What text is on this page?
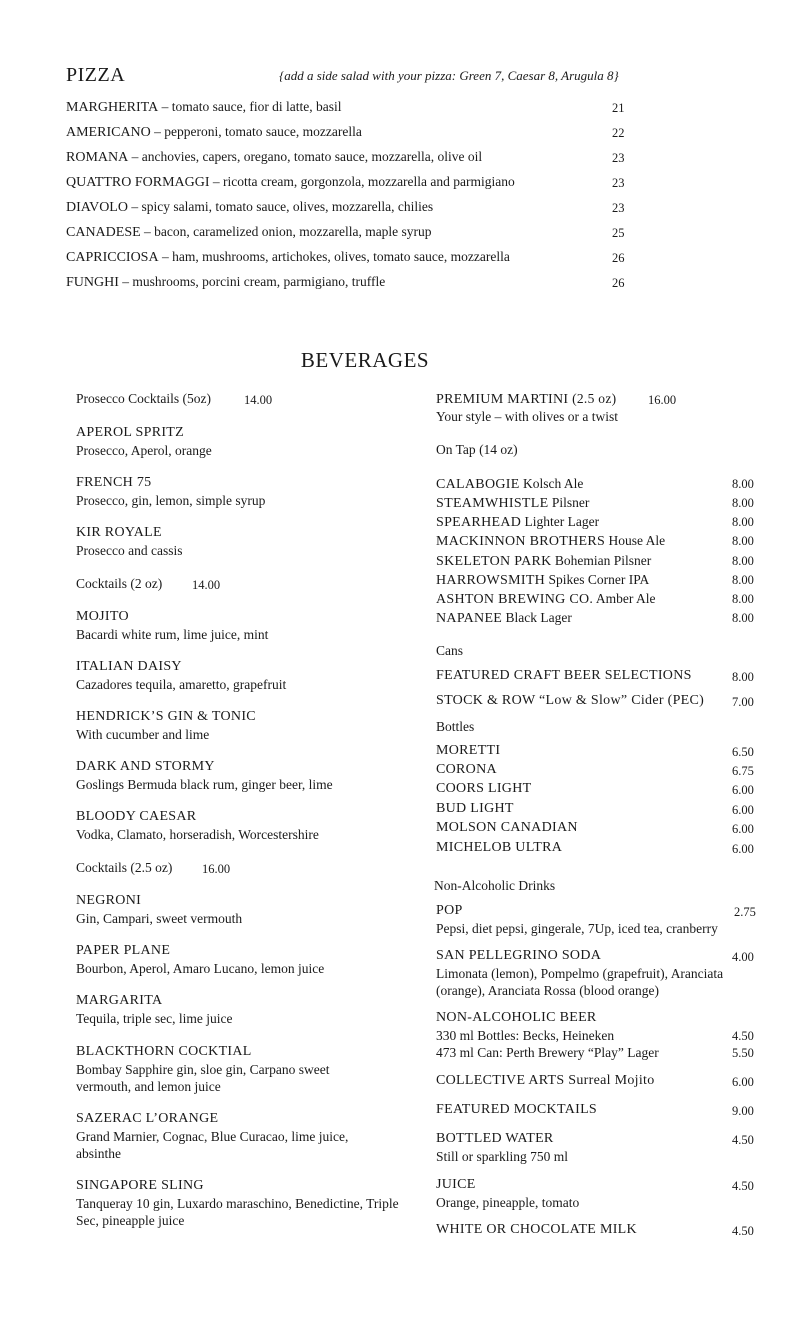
PIZZA	{add a side salad with your pizza: Green 7, Caesar 8, Arugula 8}
MARGHERITA – tomato sauce, fior di latte, basil	21
AMERICANO – pepperoni, tomato sauce, mozzarella	22
ROMANA – anchovies, capers, oregano, tomato sauce, mozzarella, olive oil	23
QUATTRO FORMAGGI – ricotta cream, gorgonzola, mozzarella and parmigiano	23
DIAVOLO – spicy salami, tomato sauce, olives, mozzarella, chilies	23
CANADESE – bacon, caramelized onion, mozzarella, maple syrup	25
CAPRICCIOSA – ham, mushrooms, artichokes, olives, tomato sauce, mozzarella	26
FUNGHI – mushrooms, porcini cream, parmigiano, truffle	26
BEVERAGES
Prosecco Cocktails (5oz)	14.00
APEROL SPRITZ
Prosecco, Aperol, orange
FRENCH 75
Prosecco, gin, lemon, simple syrup
KIR ROYALE
Prosecco and cassis
Cocktails (2 oz) 14.00
MOJITO
Bacardi white rum, lime juice, mint
ITALIAN DAISY
Cazadores tequila, amaretto, grapefruit
HENDRICK’S GIN & TONIC
With cucumber and lime
DARK AND STORMY
Goslings Bermuda black rum, ginger beer, lime
BLOODY CAESAR
Vodka, Clamato, horseradish, Worcestershire
Cocktails (2.5 oz) 16.00
NEGRONI
Gin, Campari, sweet vermouth
PAPER PLANE
Bourbon, Aperol, Amaro Lucano, lemon juice
MARGARITA
Tequila, triple sec, lime juice
BLACKTHORN COCKTIAL
Bombay Sapphire gin, sloe gin, Carpano sweet vermouth, and lemon juice
SAZERAC L’ORANGE
Grand Marnier, Cognac, Blue Curacao, lime juice, absinthe
SINGAPORE SLING
Tanqueray 10 gin, Luxardo maraschino, Benedictine, Triple Sec, pineapple juice
PREMIUM MARTINI (2.5 oz)	16.00
Your style – with olives or a twist
On Tap (14 oz)
CALABOGIE Kolsch Ale	8.00
STEAMWHISTLE Pilsner	8.00
SPEARHEAD Lighter Lager	8.00
MACKINNON BROTHERS House Ale	8.00
SKELETON PARK Bohemian Pilsner	8.00
HARROWSMITH Spikes Corner IPA	8.00
ASHTON BREWING CO. Amber Ale	8.00
NAPANEE Black Lager	8.00
Cans
FEATURED CRAFT BEER SELECTIONS	8.00
STOCK & ROW “Low & Slow” Cider (PEC) 7.00
Bottles
MORETTI	6.50
CORONA	6.75
COORS LIGHT	6.00
BUD LIGHT	6.00
MOLSON CANADIAN	6.00
MICHELOB ULTRA	6.00
Non-Alcoholic Drinks
POP	2.75
Pepsi, diet pepsi, gingerale, 7Up, iced tea, cranberry
SAN PELLEGRINO SODA	4.00
Limonata (lemon), Pompelmo (grapefruit), Aranciata (orange), Aranciata Rossa (blood orange)
NON-ALCOHOLIC BEER
330 ml Bottles: Becks, Heineken	4.50
473 ml Can: Perth Brewery “Play” Lager	5.50
COLLECTIVE ARTS Surreal Mojito	6.00
FEATURED MOCKTAILS	9.00
BOTTLED WATER	4.50
Still or sparkling 750 ml
JUICE	4.50
Orange, pineapple, tomato
WHITE OR CHOCOLATE MILK	4.50
